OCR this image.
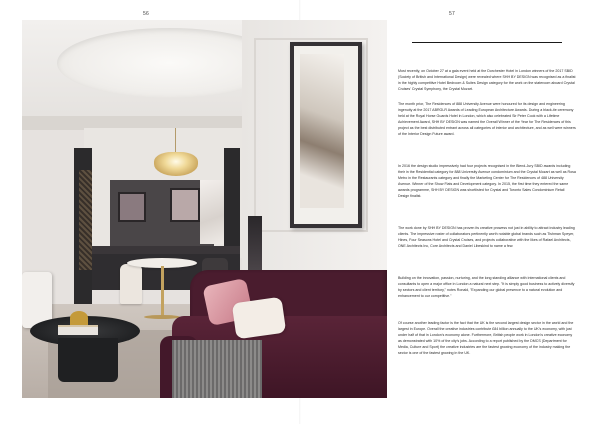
56	57

Most recently, on October 27 at a gala event held at the Dorchester Hotel in London winners of the 2017 SBID (Society of British and International Design) were revealed where SHH BY DESIGN was recognised as a finalist in the highly competitive Hotel Bedroom & Suites Design category for the work on the stateroom aboard Crystal Cruises' Crystal Symphony, the Crystal Mozart.

The month prior, The Residences of 888 University Avenue were honoured for its design and engineering ingenuity at the 2017 ABRGLR Awards of Leading European Architecture Awards. During a black-tie ceremony held at the Royal Horse Guards Hotel in London, which also celebrated Sir Peter Cook with a Lifetime Achievement Award, SHH BY DESIGN was named the Overall Winner of the Year for The Residences of this project as the best distributed entrant across all categories of interior and architecture, and as well were winners of the Interior Design Future award.

In 2016 the design studio impressively had four projects recognised in the Blend-Jury SBID awards including their in the Residential category for 888 University Avenue condominium and the Crystal Mozart as well as Rosa Metro in the Restaurants category and finally the Marketing Center for The Residences of 488 University Avenue. Winner of the Show Flats and Development category. In 2015, the first time they entered the same awards programme, SHH BY DESIGN was shortlisted for Crystal and Toronto Sales Condominium Retail Design finalist.

The work done by SHH BY DESIGN has proven its creative prowess not just in ability to attract industry leading clients. The impressive roster of collaborators pertinently worth notable global brands such as Tishman Speyer, Hines, Four Seasons Hotel and Crystal Cruises, and projects collaborative with the likes of Rafael Architects, ONE Architects Inc, Core Architects and Daniel Libeskind to name a few.

Building on the innovation, passion, nurturing, and the long standing alliance with international clients and consultants to open a major office in London a natural next step. "It is simply good business to actively diversify by sectors and client territory," notes Ronald, "Expanding our global presence to a natural evolution and enhancement to our competitive."

Of course another leading factor is the fact that the UK is the second largest design sector in the world and the largest in Europe. Overall the creative industries contribute £84 billion annually to the UK's economy, with just under half of that in London's economy alone. Furthermore, British people work in London's creative economy as demonstrated with 10% of the city's jobs. According to a report published by the DMCS (Department for Media, Culture and Sport) the creative industries are the fastest growing economy of the industry making the sector is one of the fastest growing in the UK.
